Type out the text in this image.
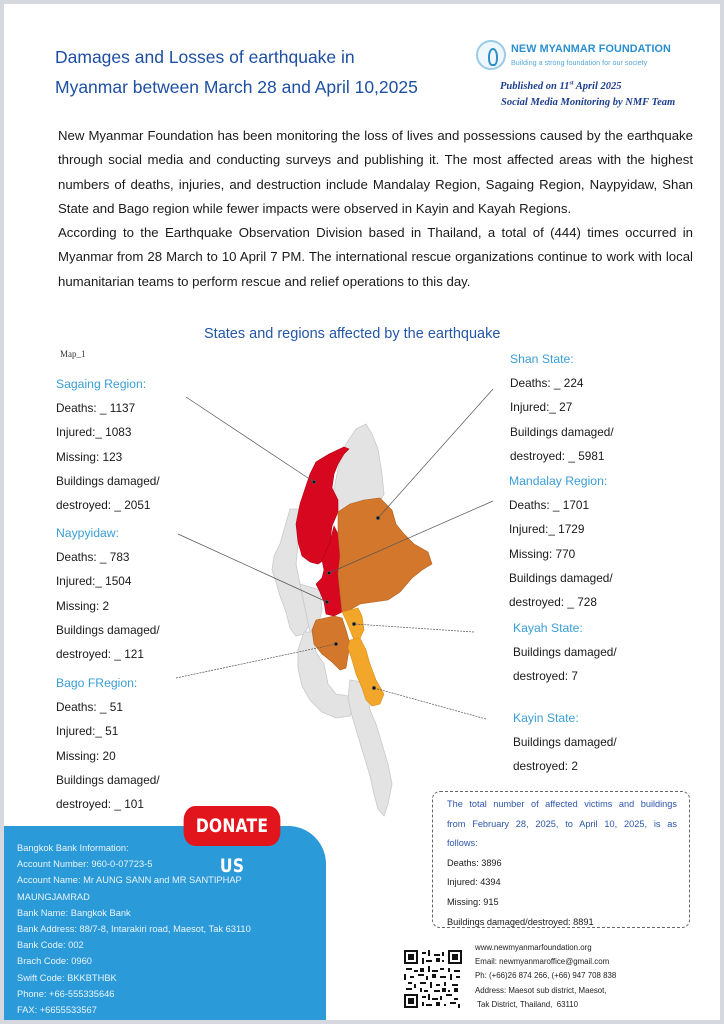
Damages and Losses of earthquake in
Myanmar between March 28 and April 10,2025
NEW MYANMAR FOUNDATION
Building a strong foundation for our society
Published on 11st April 2025
Social Media Monitoring by NMF Team

New Myanmar Foundation has been monitoring the loss of lives and possessions caused by the earthquake through social media and conducting surveys and publishing it. The most affected areas with the highest numbers of deaths, injuries, and destruction include Mandalay Region, Sagaing Region, Naypyidaw, Shan State and Bago region while fewer impacts were observed in Kayin and Kayah Regions.

According to the Earthquake Observation Division based in Thailand, a total of (444) times occurred in Myanmar from 28 March to 10 April 7 PM. The international rescue organizations continue to work with local humanitarian teams to perform rescue and relief operations to this day.

States and regions affected by the earthquake
Map_1
Sagaing Region:
Deaths: _ 1137
Injured:_ 1083
Missing: 123
Buildings damaged/
destroyed: _ 2051
Naypyidaw:
Deaths: _ 783
Injured:_ 1504
Missing: 2
Buildings damaged/
destroyed: _ 121
Bago FRegion:
Deaths: _ 51
Injured:_ 51
Missing: 20
Buildings damaged/
destroyed: _ 101
Shan State:
Deaths: _ 224
Injured:_ 27
Buildings damaged/
destroyed: _ 5981
Mandalay Region:
Deaths: _ 1701
Injured:_ 1729
Missing: 770
Buildings damaged/
destroyed: _ 728
Kayah State:
Buildings damaged/
destroyed: 7
Kayin State:
Buildings damaged/
destroyed: 2
The total number of affected victims and buildings from February 28, 2025, to April 10, 2025, is as follows:
Deaths: 3896
Injured: 4394
Missing: 915
Buildings damaged/destroyed: 8891
DONATE US
Bangkok Bank Information:
Account Number: 960-0-07723-5
Account Name: Mr AUNG SANN and MR SANTIPHAP
MAUNGJAMRAD
Bank Name: Bangkok Bank
Bank Address: 88/7-8, Intarakiri road, Maesot, Tak 63110
Bank Code: 002
Brach Code: 0960
Swift Code: BKKBTHBK
Phone: +66-555335646
FAX: +6655533567
www.newmyanmarfoundation.org
Email: newmyanmaroffice@gmail.com
Ph: (+66)26 874 266, (+66) 947 708 838
Address: Maesot sub district, Maesot,
Tak District, Thailand,  63110
